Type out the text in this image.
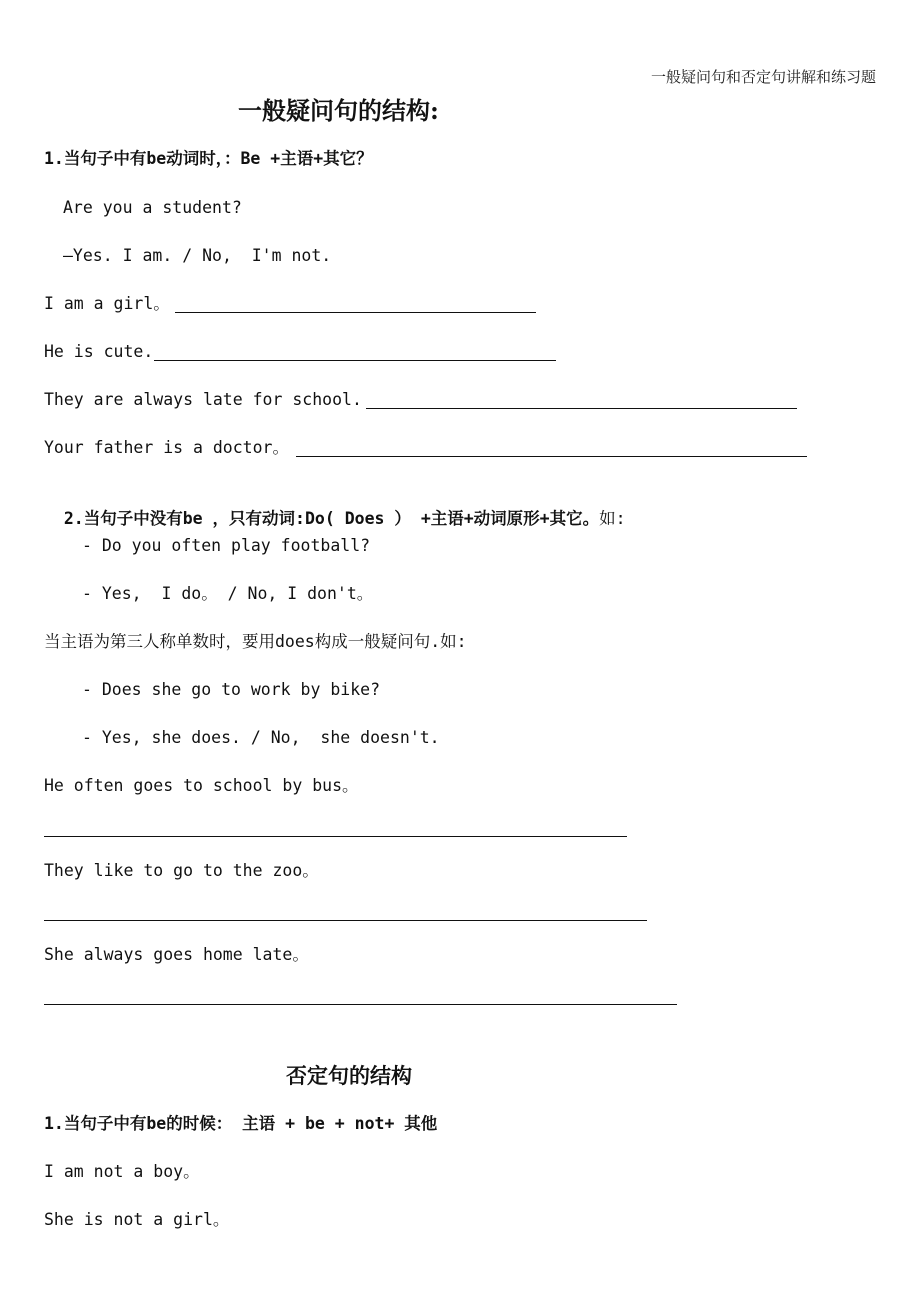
一般疑问句和否定句讲解和练习题
一般疑问句的结构:
1.当句子中有be动词时，：Be +主语+其它？
Are you a student?
—Yes. I am. / No,  I'm not.
I am a girl。
He is cute.
They are always late for school.
Your father is a doctor。

2.当句子中没有be ，只有动词:Do( Does ） +主语+动词原形+其它。如:

- Do you often play football?
- Yes,  I do。 / No, I don't。
当主语为第三人称单数时，要用does构成一般疑问句.如:
- Does she go to work by bike?
- Yes, she does. / No,  she doesn't.
He often goes to school by bus。
They like to go to the zoo。
She always goes home late。
否定句的结构
1.当句子中有be的时候： 主语 + be + not+ 其他
I am not a boy。
She is not a girl。
